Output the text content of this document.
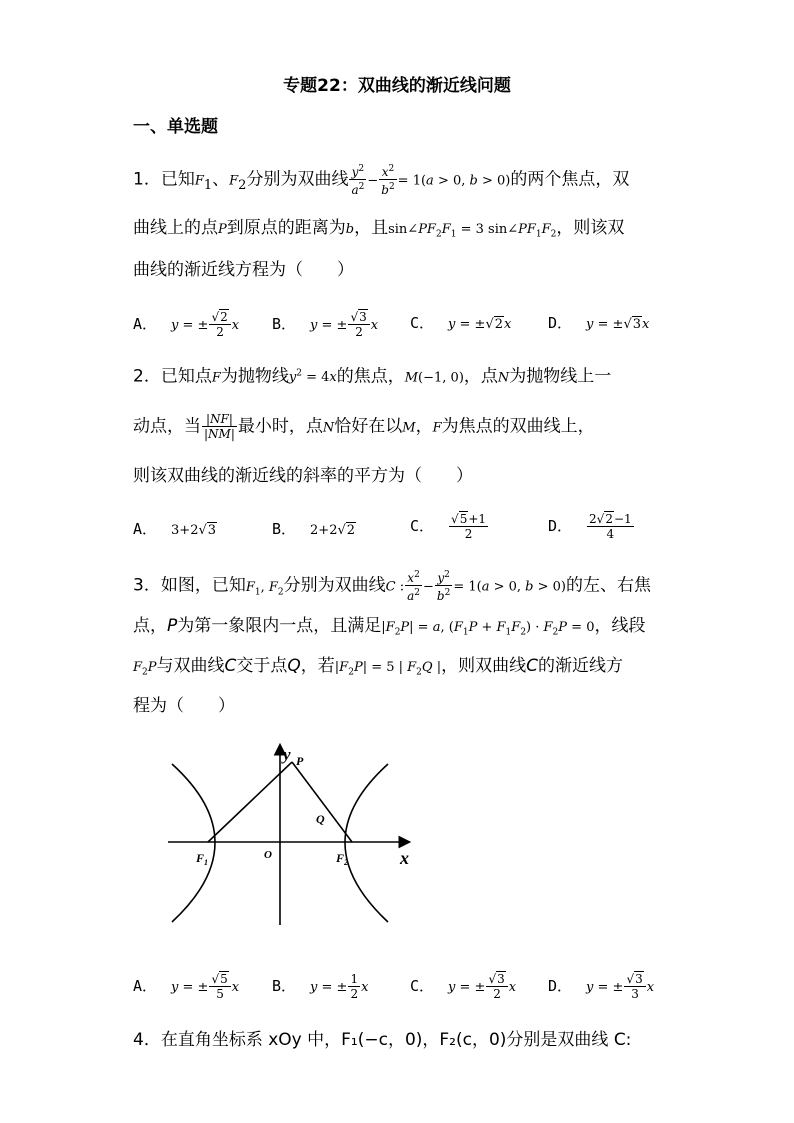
专题22：双曲线的渐近线问题
一、单选题
1．已知$F_1$、$F_2$分别为双曲线 $\frac{y^2}{a^2} - \frac{x^2}{b^2} = 1(a > 0$, b > 0)的两个焦点，双
曲线上的点P到原点的距离为b，且$\sin\angle PF_2F_1 = 3$ $\sin\angle PF_1F_2$，则该双
曲线的渐近线方程为（　　）
A． y = ± $\frac{√2}{2}$ x B． y = ± $\frac{√3}{2}$ x C． y = ±√2x D． y = ±√3x
2．已知点F为抛物线$y^2 = 4x$的焦点，M(−1, 0)，点N为抛物线上一
动点，当 $\frac{|NF|}{|NM|}$ 最小时，点N恰好在以M，F为焦点的双曲线上，
则该双曲线的渐近线的斜率的平方为（　　）
A． 3+2√3	B． 2+2√2	C． $\frac{√5+1}{2}$	D． $\frac{2√2-1}{4}$
3．如图，已知$F_1$, $F_2$分别为双曲线C : $\frac{x^2}{a^2} - \frac{y^2}{b^2} = 1(a > 0$, b > 0)的左、右焦
点，P为第一象限内一点，且满足$|F_2P| = a$, $(F_1P + F_1F_2) \cdot F_2P = 0$，线段
$F_2P$与双曲线C交于点Q，若$|F_2P| = 5$ | $F_2Q$ |，则双曲线C的渐近线方
程为（　　）
y P
Q
O	x
$F_1$	$F_2$
A． y = ± $\frac{√5}{5}$ x B． y = ± $\frac{1}{2}$ x	C． y = ± $\frac{√3}{2}$ x D． y = ± $\frac{√3}{3}$ x
4．在直角坐标系 xOy 中，F₁(−c，0)，F₂(c，0)分别是双曲线 C:
